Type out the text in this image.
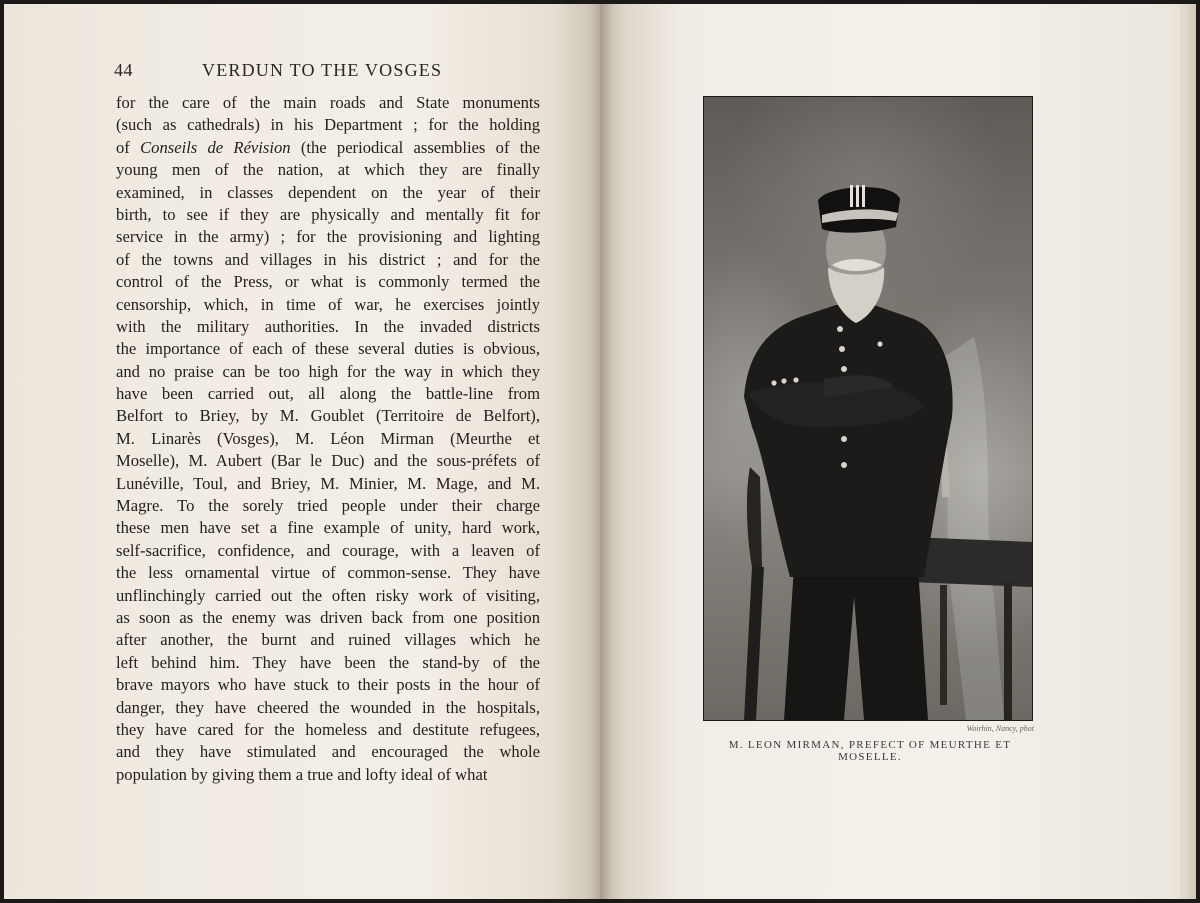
44	VERDUN TO THE VOSGES
for the care of the main roads and State monuments
(such as cathedrals) in his Department ; for the holding
of Conseils de Révision (the periodical assemblies of the
young men of the nation, at which they are finally
examined, in classes dependent on the year of their
birth, to see if they are physically and mentally fit for
service in the army) ; for the provisioning and lighting
of the towns and villages in his district ; and for the
control of the Press, or what is commonly termed the
censorship, which, in time of war, he exercises jointly
with the military authorities. In the invaded districts
the importance of each of these several duties is obvious,
and no praise can be too high for the way in which they
have been carried out, all along the battle-line from
Belfort to Briey, by M. Goublet (Territoire de Belfort),
M. Linarès (Vosges), M. Léon Mirman (Meurthe et
Moselle), M. Aubert (Bar le Duc) and the sous-préfets of
Lunéville, Toul, and Briey, M. Minier, M. Mage, and M.
Magre. To the sorely tried people under their charge
these men have set a fine example of unity, hard work,
self-sacrifice, confidence, and courage, with a leaven of
the less ornamental virtue of common-sense. They have
unflinchingly carried out the often risky work of visiting,
as soon as the enemy was driven back from one position
after another, the burnt and ruined villages which he
left behind him. They have been the stand-by of the
brave mayors who have stuck to their posts in the hour of
danger, they have cheered the wounded in the hospitals,
they have cared for the homeless and destitute refugees,
and they have stimulated and encouraged the whole
population by giving them a true and lofty ideal of what
Woirhin, Nancy, phot
M. LEON MIRMAN, PREFECT OF MEURTHE ET MOSELLE.
